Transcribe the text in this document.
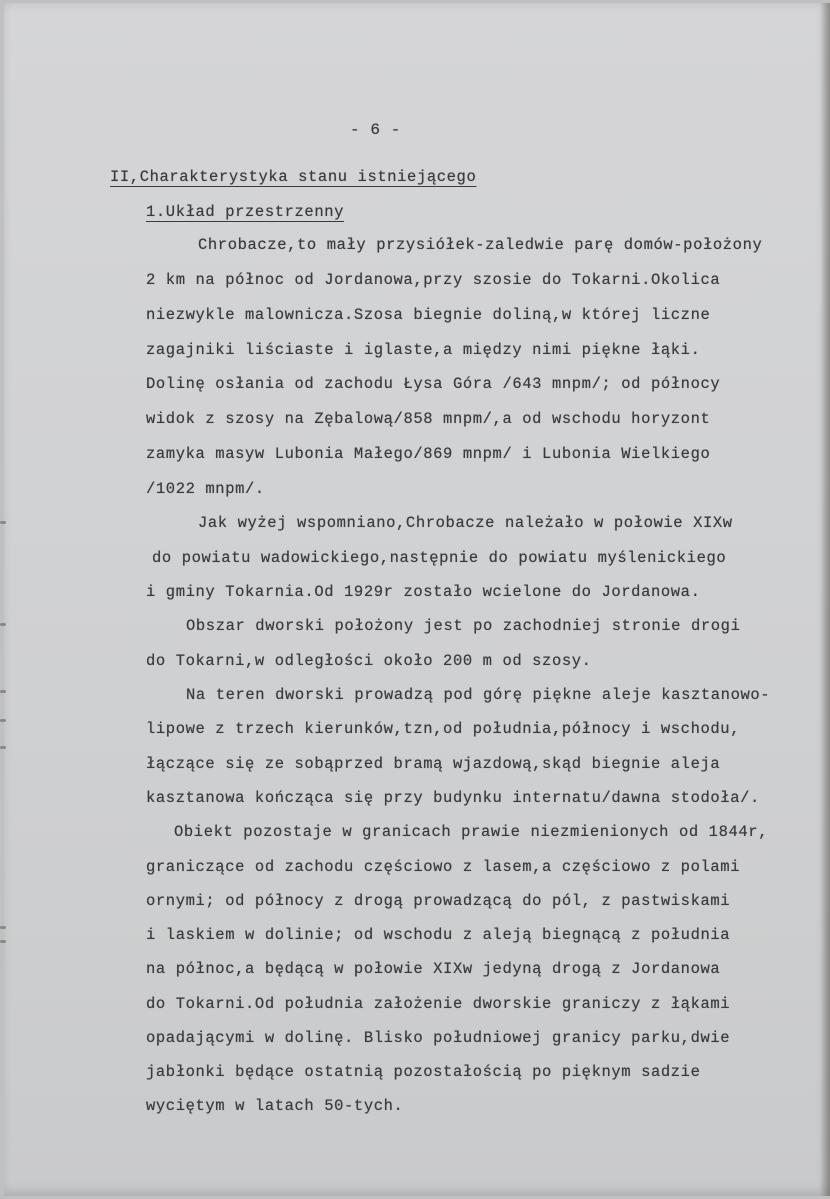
- 6 -
II,Charakterystyka stanu istniejącego
1.Układ przestrzenny
Chrobacze,to mały przysiółek-zaledwie parę domów-położony
2 km na północ od Jordanowa,przy szosie do Tokarni.Okolica
niezwykle malownicza.Szosa biegnie doliną,w której liczne
zagajniki liściaste i iglaste,a między nimi piękne łąki.
Dolinę osłania od zachodu Łysa Góra /643 mnpm/; od północy
widok z szosy na Zębalową/858 mnpm/,a od wschodu horyzont
zamyka masyw Lubonia Małego/869 mnpm/ i Lubonia Wielkiego
/1022 mnpm/.
Jak wyżej wspomniano,Chrobacze należało w połowie XIXw
do powiatu wadowickiego,następnie do powiatu myślenickiego
i gminy Tokarnia.Od 1929r zostało wcielone do Jordanowa.
Obszar dworski położony jest po zachodniej stronie drogi
do Tokarni,w odległości około 200 m od szosy.
Na teren dworski prowadzą pod górę piękne aleje kasztanowo-
lipowe z trzech kierunków,tzn,od południa,północy i wschodu,
łączące się ze sobąprzed bramą wjazdową,skąd biegnie aleja
kasztanowa kończąca się przy budynku internatu/dawna stodoła/.
Obiekt pozostaje w granicach prawie niezmienionych od 1844r,
graniczące od zachodu częściowo z lasem,a częściowo z polami
ornymi; od północy z drogą prowadzącą do pól, z pastwiskami
i laskiem w dolinie; od wschodu z aleją biegnącą z południa
na północ,a będącą w połowie XIXw jedyną drogą z Jordanowa
do Tokarni.Od południa założenie dworskie graniczy z łąkami
opadającymi w dolinę. Blisko południowej granicy parku,dwie
jabłonki będące ostatnią pozostałością po pięknym sadzie
wyciętym w latach 50-tych.
